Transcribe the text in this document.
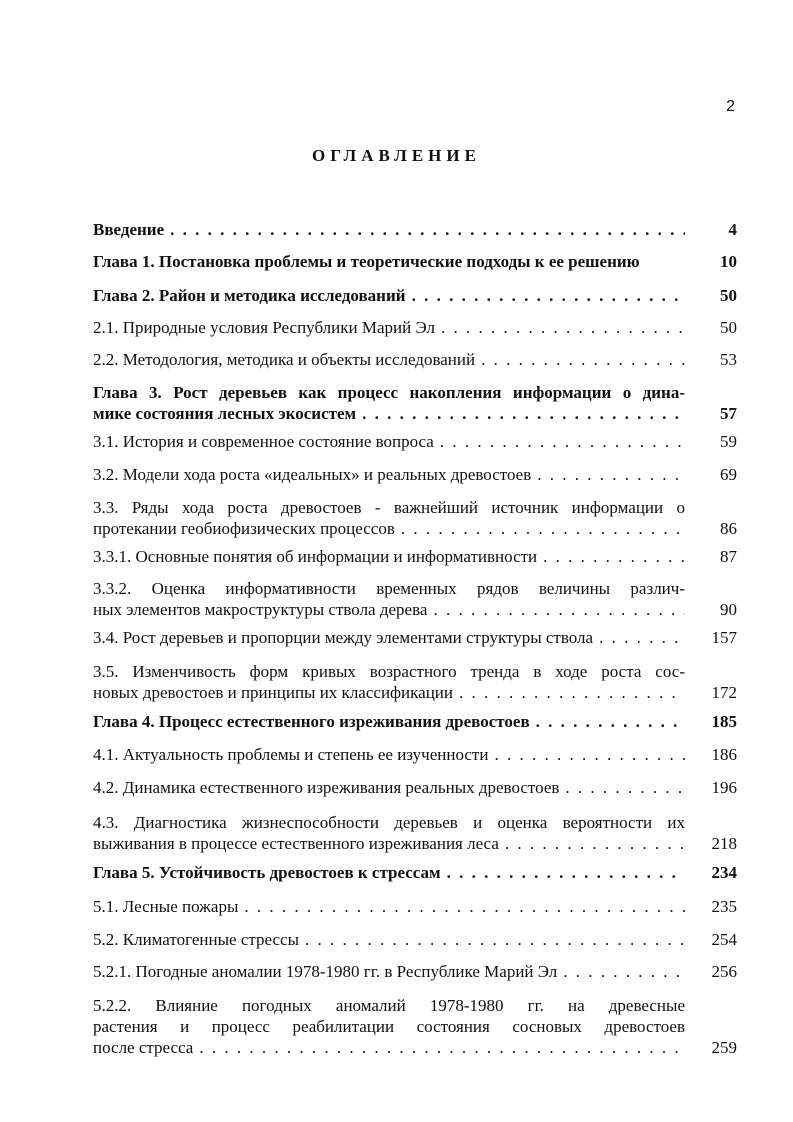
2
ОГЛАВЛЕНИЕ
Введение . . .	4
Глава 1. Постановка проблемы и теоретические подходы к ее решению	10
Глава 2. Район и методика исследований . . .	50
2.1. Природные условия Республики Марий Эл . . .	50
2.2. Методология, методика и объекты исследований . . .	53
Глава 3. Рост деревьев как процесс накопления информации о дина-
мике состояния лесных экосистем . . .	57
3.1. История и современное состояние вопроса . . .	59
3.2. Модели хода роста «идеальных» и реальных древостоев . . .	69
3.3. Ряды хода роста древостоев - важнейший источник информации о
протекании геобиофизических процессов . . .	86
3.3.1. Основные понятия об информации и информативности . . .	87
3.3.2. Оценка информативности временных рядов величины различ-
ных элементов макроструктуры ствола дерева . . .	90
3.4. Рост деревьев и пропорции между элементами структуры ствола . . .	157
3.5. Изменчивость форм кривых возрастного тренда в ходе роста сос-
новых древостоев и принципы их классификации . . .	172
Глава 4. Процесс естественного изреживания древостоев . . .	185
4.1. Актуальность проблемы и степень ее изученности . . .	186
4.2. Динамика естественного изреживания реальных древостоев . . .	196
4.3. Диагностика жизнеспособности деревьев и оценка вероятности их
выживания в процессе естественного изреживания леса . . .	218
Глава 5. Устойчивость древостоев к стрессам . . .	234
5.1. Лесные пожары . . .	235
5.2. Климатогенные стрессы . . .	254
5.2.1. Погодные аномалии 1978-1980 гг. в Республике Марий Эл . . .	256
5.2.2. Влияние погодных аномалий 1978-1980 гг. на древесные
растения и процесс реабилитации состояния сосновых древостоев
после стресса . . .	259
